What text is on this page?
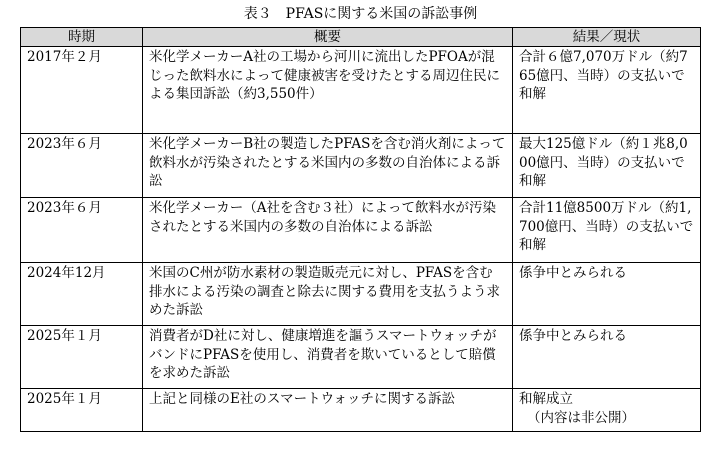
表３　PFASに関する米国の訴訟事例
時期	概要	結果／現状
2017年２月	米化学メーカーA社の工場から河川に流出したPFOAが混じった飲料水によって健康被害を受けたとする周辺住民による集団訴訟（約3,550件）	合計６億7,070万ドル（約765億円、当時）の支払いで和解
2023年６月	米化学メーカーB社の製造したPFASを含む消火剤によって飲料水が汚染されたとする米国内の多数の自治体による訴訟	最大125億ドル（約１兆8,000億円、当時）の支払いで和解
2023年６月	米化学メーカー（A社を含む３社）によって飲料水が汚染されたとする米国内の多数の自治体による訴訟	合計11億8500万ドル（約1,700億円、当時）の支払いで和解
2024年12月	米国のC州が防水素材の製造販売元に対し、PFASを含む排水による汚染の調査と除去に関する費用を支払うよう求めた訴訟	係争中とみられる
2025年１月	消費者がD社に対し、健康増進を謳うスマートウォッチがバンドにPFASを使用し、消費者を欺いているとして賠償を求めた訴訟	係争中とみられる
2025年１月	上記と同様のE社のスマートウォッチに関する訴訟	和解成立
（内容は非公開）
